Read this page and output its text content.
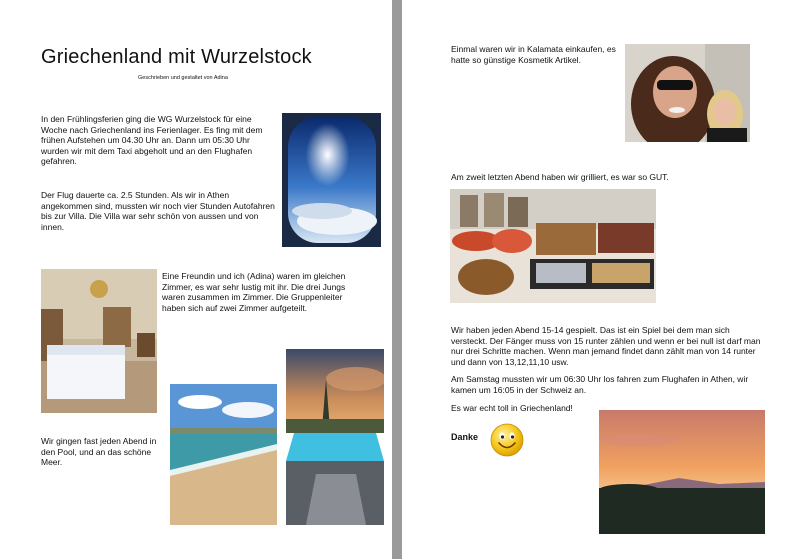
Griechenland mit Wurzelstock
Geschrieben und gestaltet von Adina

In den Frühlingsferien ging die WG Wurzelstock für eine Woche nach Griechenland ins Ferienlager. Es fing mit dem frühen Aufstehen um 04.30 Uhr an. Dann um 05:30 Uhr wurden wir mit dem Taxi abgeholt und an den Flughafen gefahren.

Der Flug dauerte ca. 2.5 Stunden. Als wir in Athen angekommen sind, mussten wir noch vier Stunden Autofahren bis zur Villa. Die Villa war sehr schön von aussen und von innen.

Eine Freundin und ich (Adina) waren im gleichen Zimmer, es war sehr lustig mit ihr. Die drei Jungs waren zusammen im Zimmer. Die Gruppenleiter haben sich auf zwei Zimmer aufgeteilt.

Wir gingen fast jeden Abend in den Pool, und an das schöne Meer.

Einmal waren wir in Kalamata einkaufen, es hatte so günstige Kosmetik Artikel.

Am zweit letzten Abend haben wir grilliert, es war so GUT.

Wir haben jeden Abend 15-14 gespielt. Das ist ein Spiel bei dem man sich versteckt. Der Fänger muss von 15 runter zählen und wenn er bei null ist darf man nur drei Schritte machen. Wenn man jemand findet dann zählt man von 14 runter und dann von 13,12,11,10 usw.

Am Samstag mussten wir um 06:30 Uhr los fahren zum Flughafen in Athen, wir kamen um 16:05 in der Schweiz an.

Es war echt toll in Griechenland!

Danke
